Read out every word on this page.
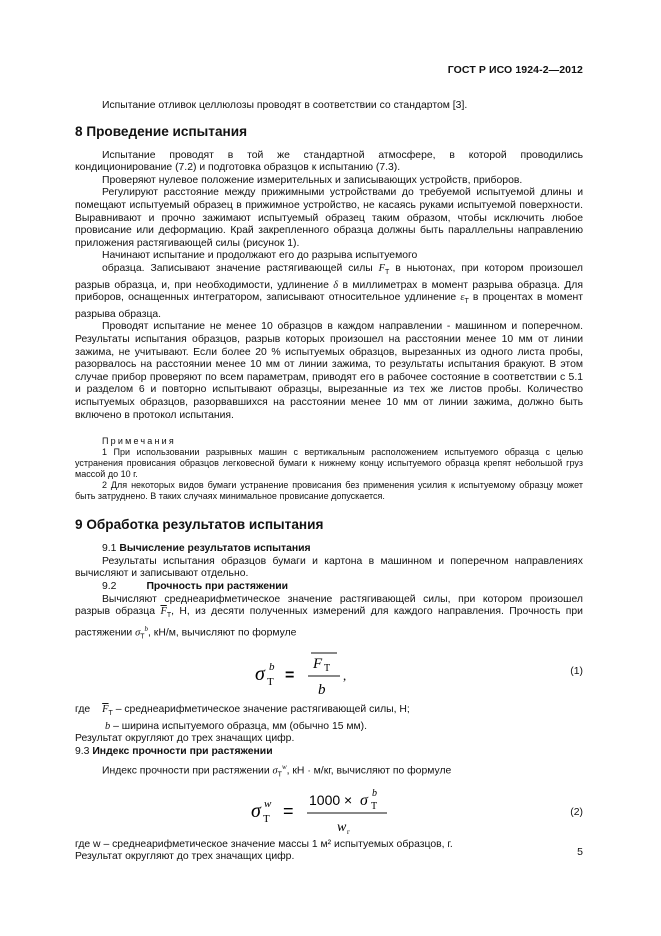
ГОСТ Р ИСО 1924-2—2012

Испытание отливок целлюлозы проводят в соответствии со стандартом [3].

8 Проведение испытания

Испытание проводят в той же стандартной атмосфере, в которой проводились кондиционирование (7.2) и подготовка образцов к испытанию (7.3).

Проверяют нулевое положение измерительных и записывающих устройств, приборов.

Регулируют расстояние между прижимными устройствами до требуемой испытуемой длины и помещают испытуемый образец в прижимное устройство, не касаясь руками испытуемой поверхности. Выравнивают и прочно зажимают испытуемый образец таким образом, чтобы исключить любое провисание или деформацию. Край закрепленного образца должны быть параллельны направлению приложения растягивающей силы (рисунок 1).

Начинают испытание и продолжают его до разрыва испытуемого

образца. Записывают значение растягивающей силы $F_T$ в ньютонах, при котором произошел разрыв образца, и, при необходимости, удлинение δ в миллиметрах в момент разрыва образца. Для приборов, оснащенных интегратором, записывают относительное удлинение $\varepsilon_T$ в процентах в момент разрыва образца.

Проводят испытание не менее 10 образцов в каждом направлении - машинном и поперечном. Результаты испытания образцов, разрыв которых произошел на расстоянии менее 10 мм от линии зажима, не учитывают. Если более 20 % испытуемых образцов, вырезанных из одного листа пробы, разорвалось на расстоянии менее 10 мм от линии зажима, то результаты испытания бракуют. В этом случае прибор проверяют по всем параметрам, приводят его в рабочее состояние в соответствии с 5.1 и разделом 6 и повторно испытывают образцы, вырезанные из тех же листов пробы. Количество испытуемых образцов, разорвавшихся на расстоянии менее 10 мм от линии зажима, должно быть включено в протокол испытания.

Примечания
1 При использовании разрывных машин с вертикальным расположением испытуемого образца с целью устранения провисания образцов легковесной бумаги к нижнему концу испытуемого образца крепят небольшой груз массой до 10 г.
2 Для некоторых видов бумаги устранение провисания без применения усилия к испытуемому образцу может быть затруднено. В таких случаях минимальное провисание допускается.
9 Обработка результатов испытания

9.1 Вычисление результатов испытания

Результаты испытания образцов бумаги и картона в машинном и поперечном направлениях вычисляют и записывают отдельно.

9.2	Прочность при растяжении

Вычисляют среднеарифметическое значение растягивающей силы, при котором произошел разрыв образца $\overline{F}_T$, Н, из десяти полученных измерений для каждого направления. Прочность при растяжении $\sigma_T^b$, кН/м, вычисляют по формуле

σ T
b =
F T
b
,	(1)

где $\overline{F}_T$ – среднеарифметическое значение растягивающей силы, Н;

b – ширина испытуемого образца, мм (обычно 15 мм).

Результат округляют до трех значащих цифр.

9.3 Индекс прочности при растяжении

Индекс прочности при растяжении $\sigma_T^w$, кН · м/кг, вычисляют по формуле

σ T
w =
1000 × σ T
b
w г
(2)

где w – среднеарифметическое значение массы 1 м² испытуемых образцов, г.

Результат округляют до трех значащих цифр.	5
